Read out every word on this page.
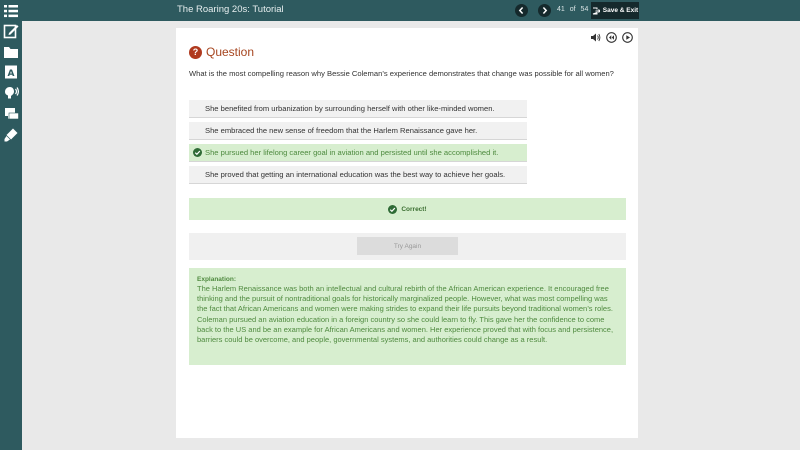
A
The Roaring 20s: Tutorial	41 of 54	Save & Exit
? Question
What is the most compelling reason why Bessie Coleman’s experience demonstrates that change was possible for all women?
She benefited from urbanization by surrounding herself with other like-minded women.
She embraced the new sense of freedom that the Harlem Renaissance gave her.
She pursued her lifelong career goal in aviation and persisted until she accomplished it.
She proved that getting an international education was the best way to achieve her goals.
Correct!
Try Again
Explanation:
The Harlem Renaissance was both an intellectual and cultural rebirth of the African American experience. It encouraged free thinking and the pursuit of nontraditional goals for historically marginalized people. However, what was most compelling was the fact that African Americans and women were making strides to expand their life pursuits beyond traditional women’s roles. Coleman pursued an aviation education in a foreign country so she could learn to fly. This gave her the confidence to come back to the US and be an example for African Americans and women. Her experience proved that with focus and persistence, barriers could be overcome, and people, governmental systems, and authorities could change as a result.
